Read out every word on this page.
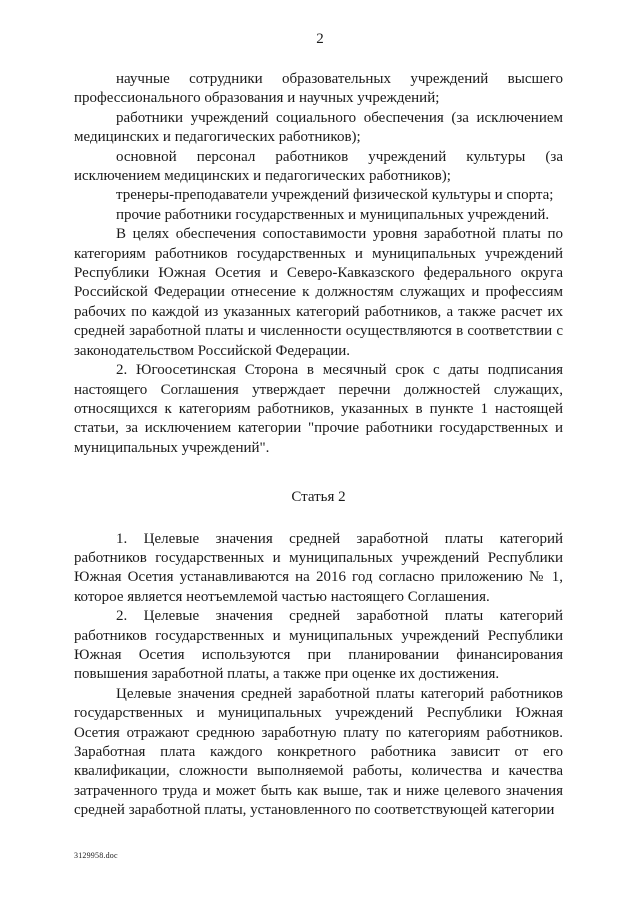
2

научные сотрудники образовательных учреждений высшего профессионального образования и научных учреждений;

работники учреждений социального обеспечения (за исключением медицинских и педагогических работников);

основной персонал работников учреждений культуры (за исключением медицинских и педагогических работников);

тренеры-преподаватели учреждений физической культуры и спорта;

прочие работники государственных и муниципальных учреждений.

В целях обеспечения сопоставимости уровня заработной платы по категориям работников государственных и муниципальных учреждений Республики Южная Осетия и Северо-Кавказского федерального округа Российской Федерации отнесение к должностям служащих и профессиям рабочих по каждой из указанных категорий работников, а также расчет их средней заработной платы и численности осуществляются в соответствии с законодательством Российской Федерации.

2. Югоосетинская Сторона в месячный срок с даты подписания настоящего Соглашения утверждает перечни должностей служащих, относящихся к категориям работников, указанных в пункте 1 настоящей статьи, за исключением категории "прочие работники государственных и муниципальных учреждений".

Статья 2

1. Целевые значения средней заработной платы категорий работников государственных и муниципальных учреждений Республики Южная Осетия устанавливаются на 2016 год согласно приложению № 1, которое является неотъемлемой частью настоящего Соглашения.

2. Целевые значения средней заработной платы категорий работников государственных и муниципальных учреждений Республики Южная Осетия используются при планировании финансирования повышения заработной платы, а также при оценке их достижения.

Целевые значения средней заработной платы категорий работников государственных и муниципальных учреждений Республики Южная Осетия отражают среднюю заработную плату по категориям работников. Заработная плата каждого конкретного работника зависит от его квалификации, сложности выполняемой работы, количества и качества затраченного труда и может быть как выше, так и ниже целевого значения средней заработной платы, установленного по соответствующей категории

3129958.doc
